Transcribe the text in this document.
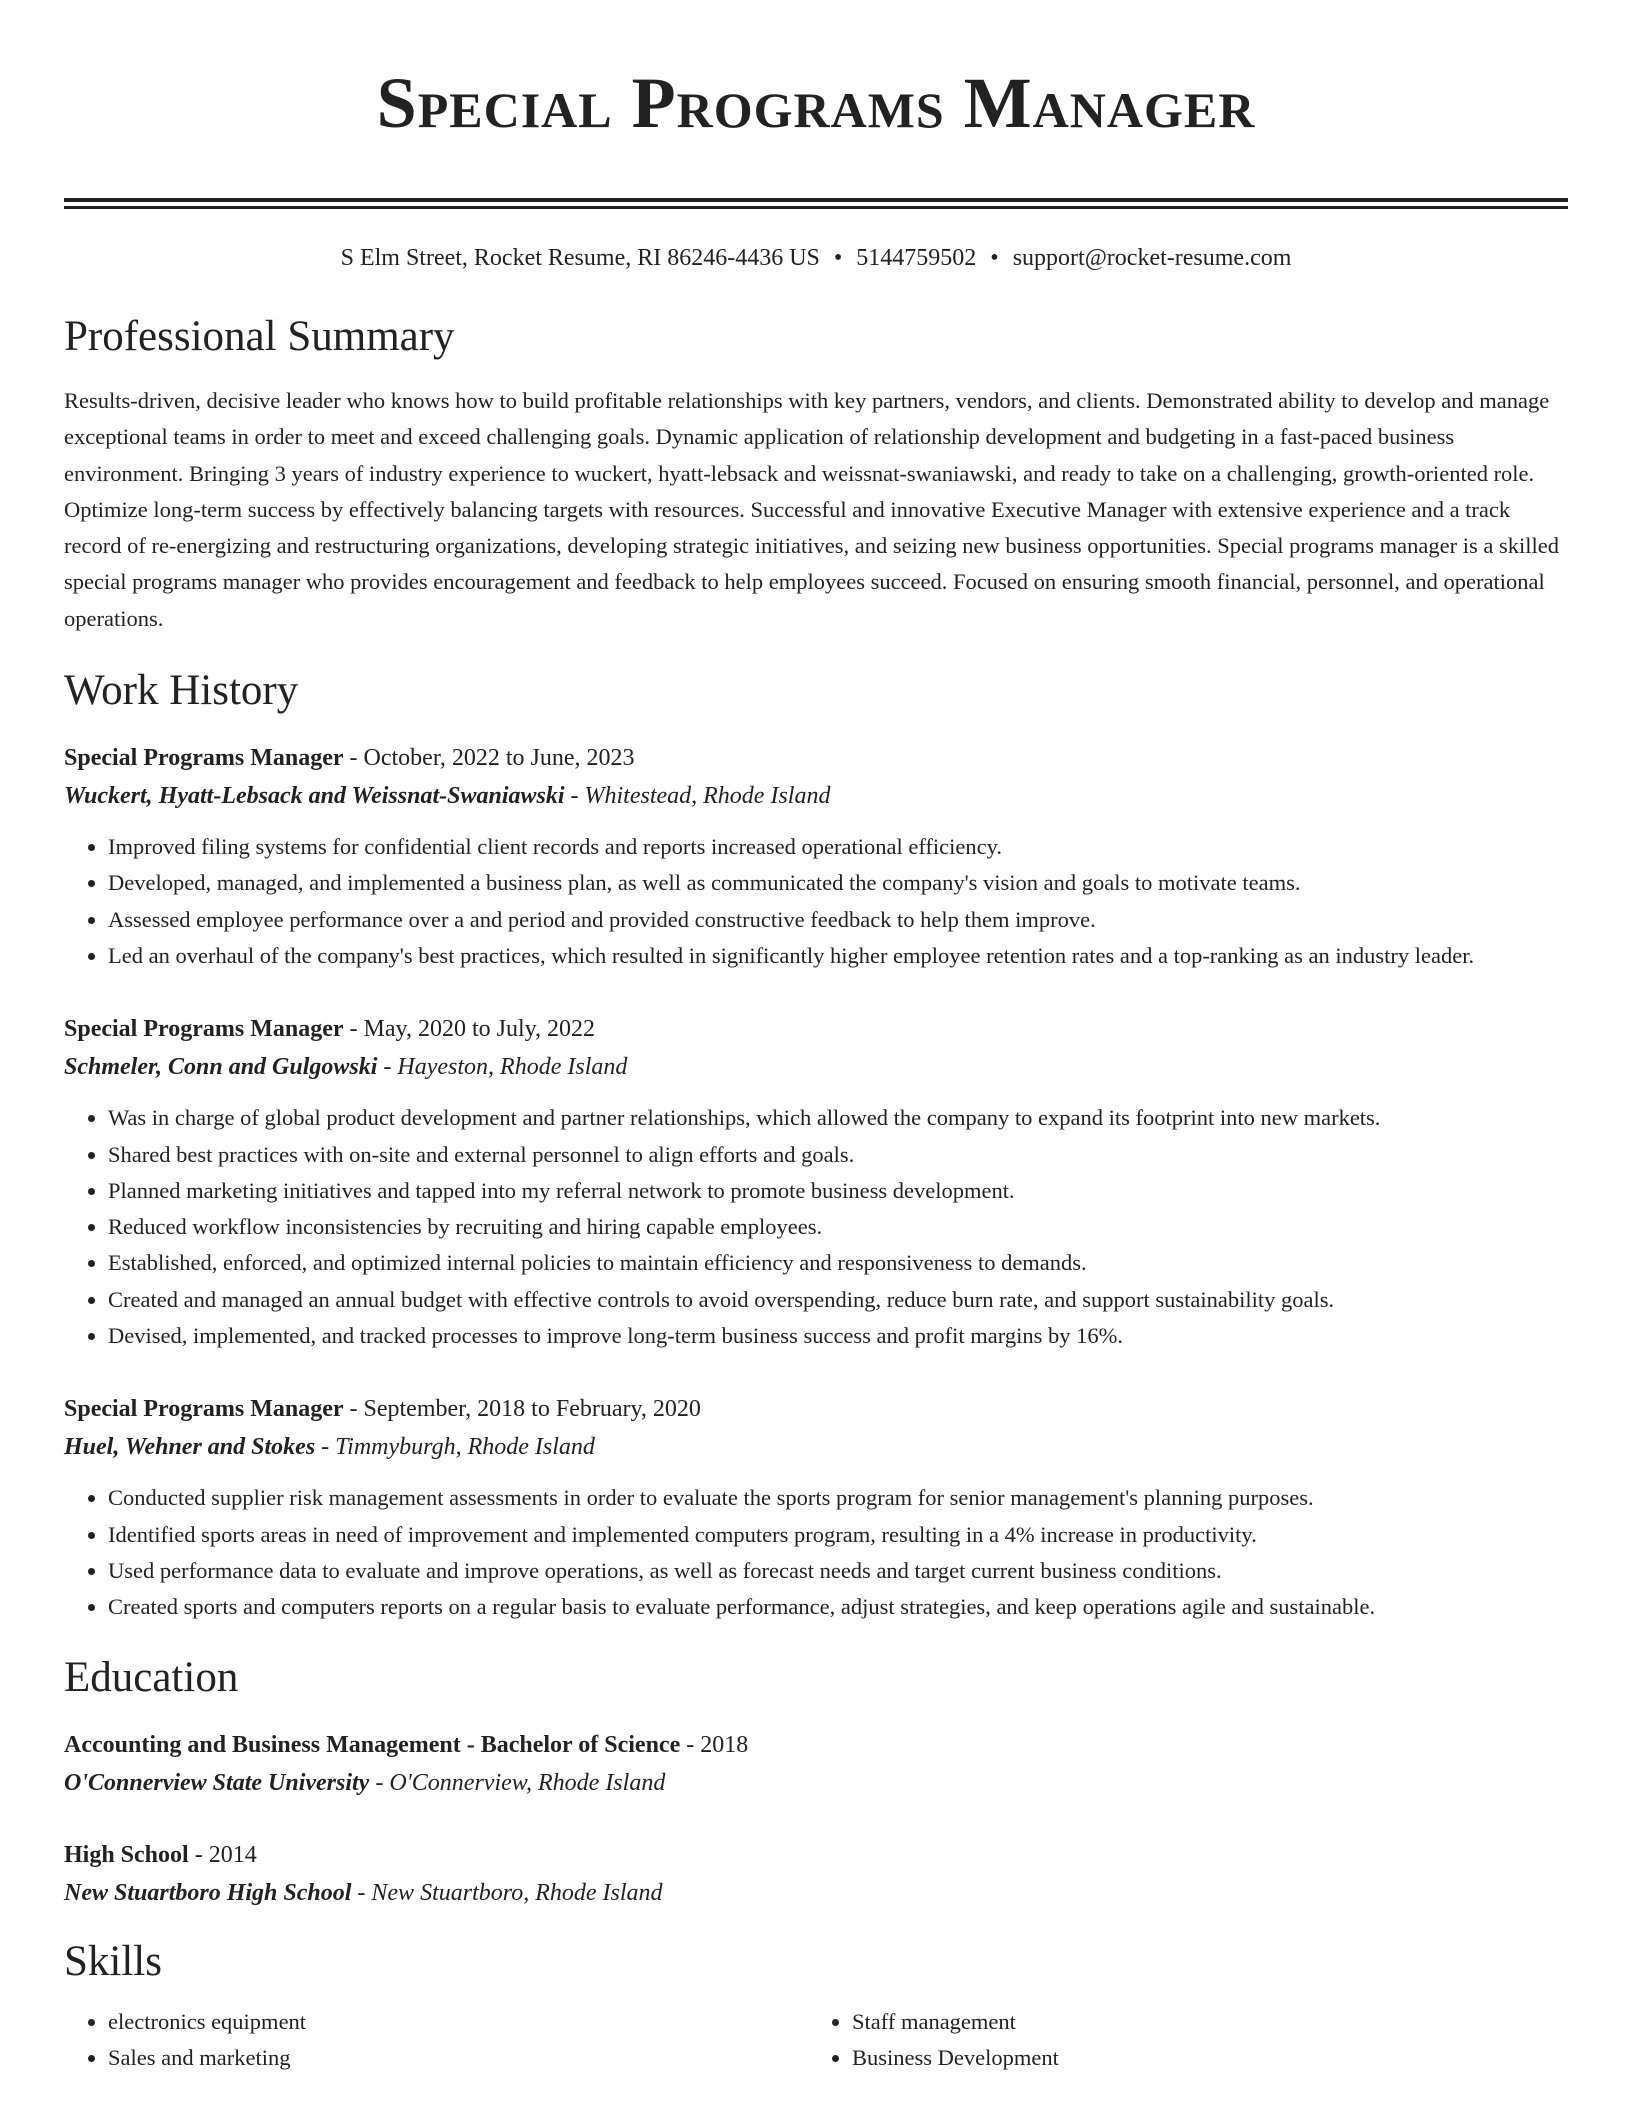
Special Programs Manager
S Elm Street, Rocket Resume, RI 86246-4436 US • 5144759502 • support@rocket-resume.com
Professional Summary
Results-driven, decisive leader who knows how to build profitable relationships with key partners, vendors, and clients. Demonstrated ability to develop and manage exceptional teams in order to meet and exceed challenging goals. Dynamic application of relationship development and budgeting in a fast-paced business environment. Bringing 3 years of industry experience to wuckert, hyatt-lebsack and weissnat-swaniawski, and ready to take on a challenging, growth-oriented role. Optimize long-term success by effectively balancing targets with resources. Successful and innovative Executive Manager with extensive experience and a track record of re-energizing and restructuring organizations, developing strategic initiatives, and seizing new business opportunities. Special programs manager is a skilled special programs manager who provides encouragement and feedback to help employees succeed. Focused on ensuring smooth financial, personnel, and operational operations.
Work History
Special Programs Manager - October, 2022 to June, 2023
Wuckert, Hyatt-Lebsack and Weissnat-Swaniawski - Whitestead, Rhode Island
• Improved filing systems for confidential client records and reports increased operational efficiency.
• Developed, managed, and implemented a business plan, as well as communicated the company's vision and goals to motivate teams.
• Assessed employee performance over a and period and provided constructive feedback to help them improve.
• Led an overhaul of the company's best practices, which resulted in significantly higher employee retention rates and a top-ranking as an industry leader.
Special Programs Manager - May, 2020 to July, 2022
Schmeler, Conn and Gulgowski - Hayeston, Rhode Island
• Was in charge of global product development and partner relationships, which allowed the company to expand its footprint into new markets.
• Shared best practices with on-site and external personnel to align efforts and goals.
• Planned marketing initiatives and tapped into my referral network to promote business development.
• Reduced workflow inconsistencies by recruiting and hiring capable employees.
• Established, enforced, and optimized internal policies to maintain efficiency and responsiveness to demands.
• Created and managed an annual budget with effective controls to avoid overspending, reduce burn rate, and support sustainability goals.
• Devised, implemented, and tracked processes to improve long-term business success and profit margins by 16%.
Special Programs Manager - September, 2018 to February, 2020
Huel, Wehner and Stokes - Timmyburgh, Rhode Island
• Conducted supplier risk management assessments in order to evaluate the sports program for senior management's planning purposes.
• Identified sports areas in need of improvement and implemented computers program, resulting in a 4% increase in productivity.
• Used performance data to evaluate and improve operations, as well as forecast needs and target current business conditions.
• Created sports and computers reports on a regular basis to evaluate performance, adjust strategies, and keep operations agile and sustainable.
Education
Accounting and Business Management - Bachelor of Science - 2018
O'Connerview State University - O'Connerview, Rhode Island
High School - 2014
New Stuartboro High School - New Stuartboro, Rhode Island
Skills
• electronics equipment
• Sales and marketing
• Staff management
• Business Development
